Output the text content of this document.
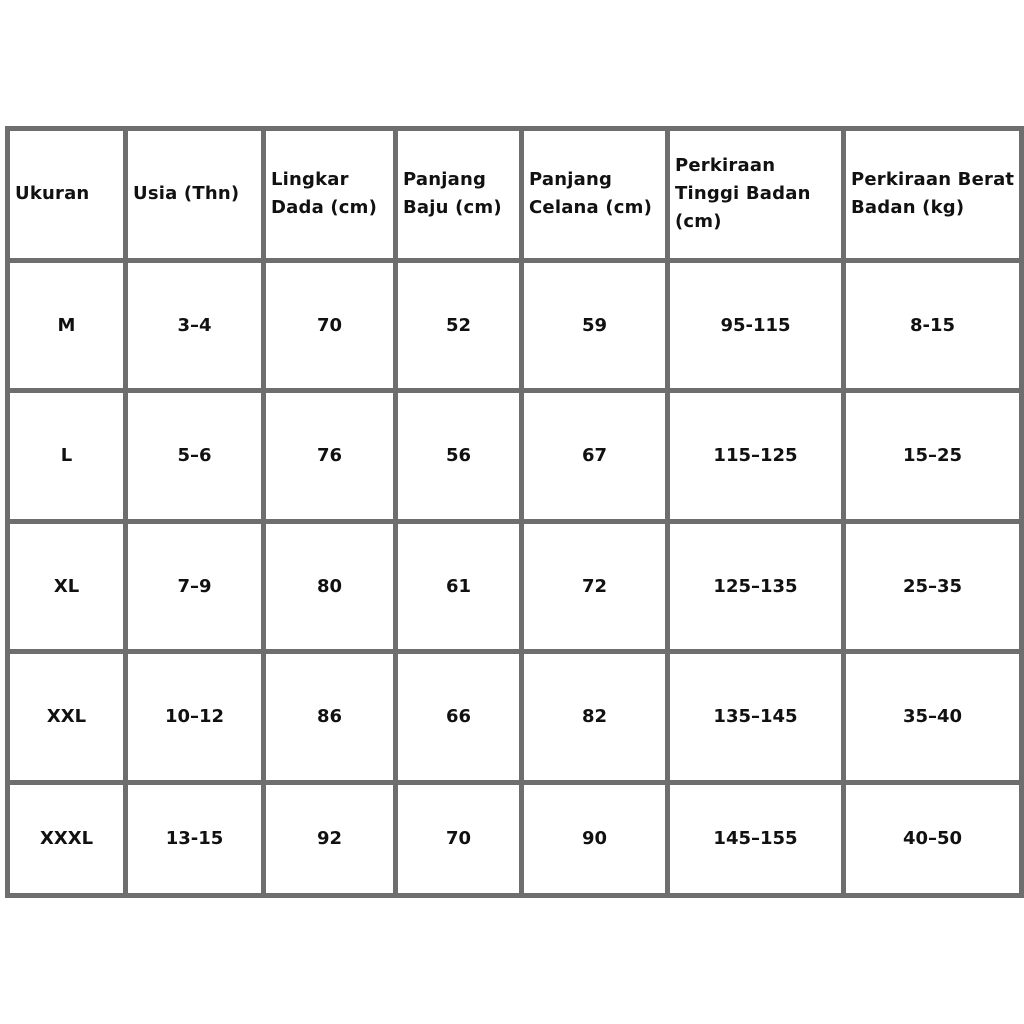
Ukuran	Usia (Thn)	Lingkar Dada (cm)	Panjang Baju (cm)	Panjang Celana (cm)	Perkiraan Tinggi Badan (cm)	Perkiraan Berat Badan (kg)
M	3–4	70	52	59	95-115	8-15
L	5–6	76	56	67	115–125	15–25
XL	7–9	80	61	72	125–135	25–35
XXL	10–12	86	66	82	135–145	35–40
XXXL	13-15	92	70	90	145–155	40–50
